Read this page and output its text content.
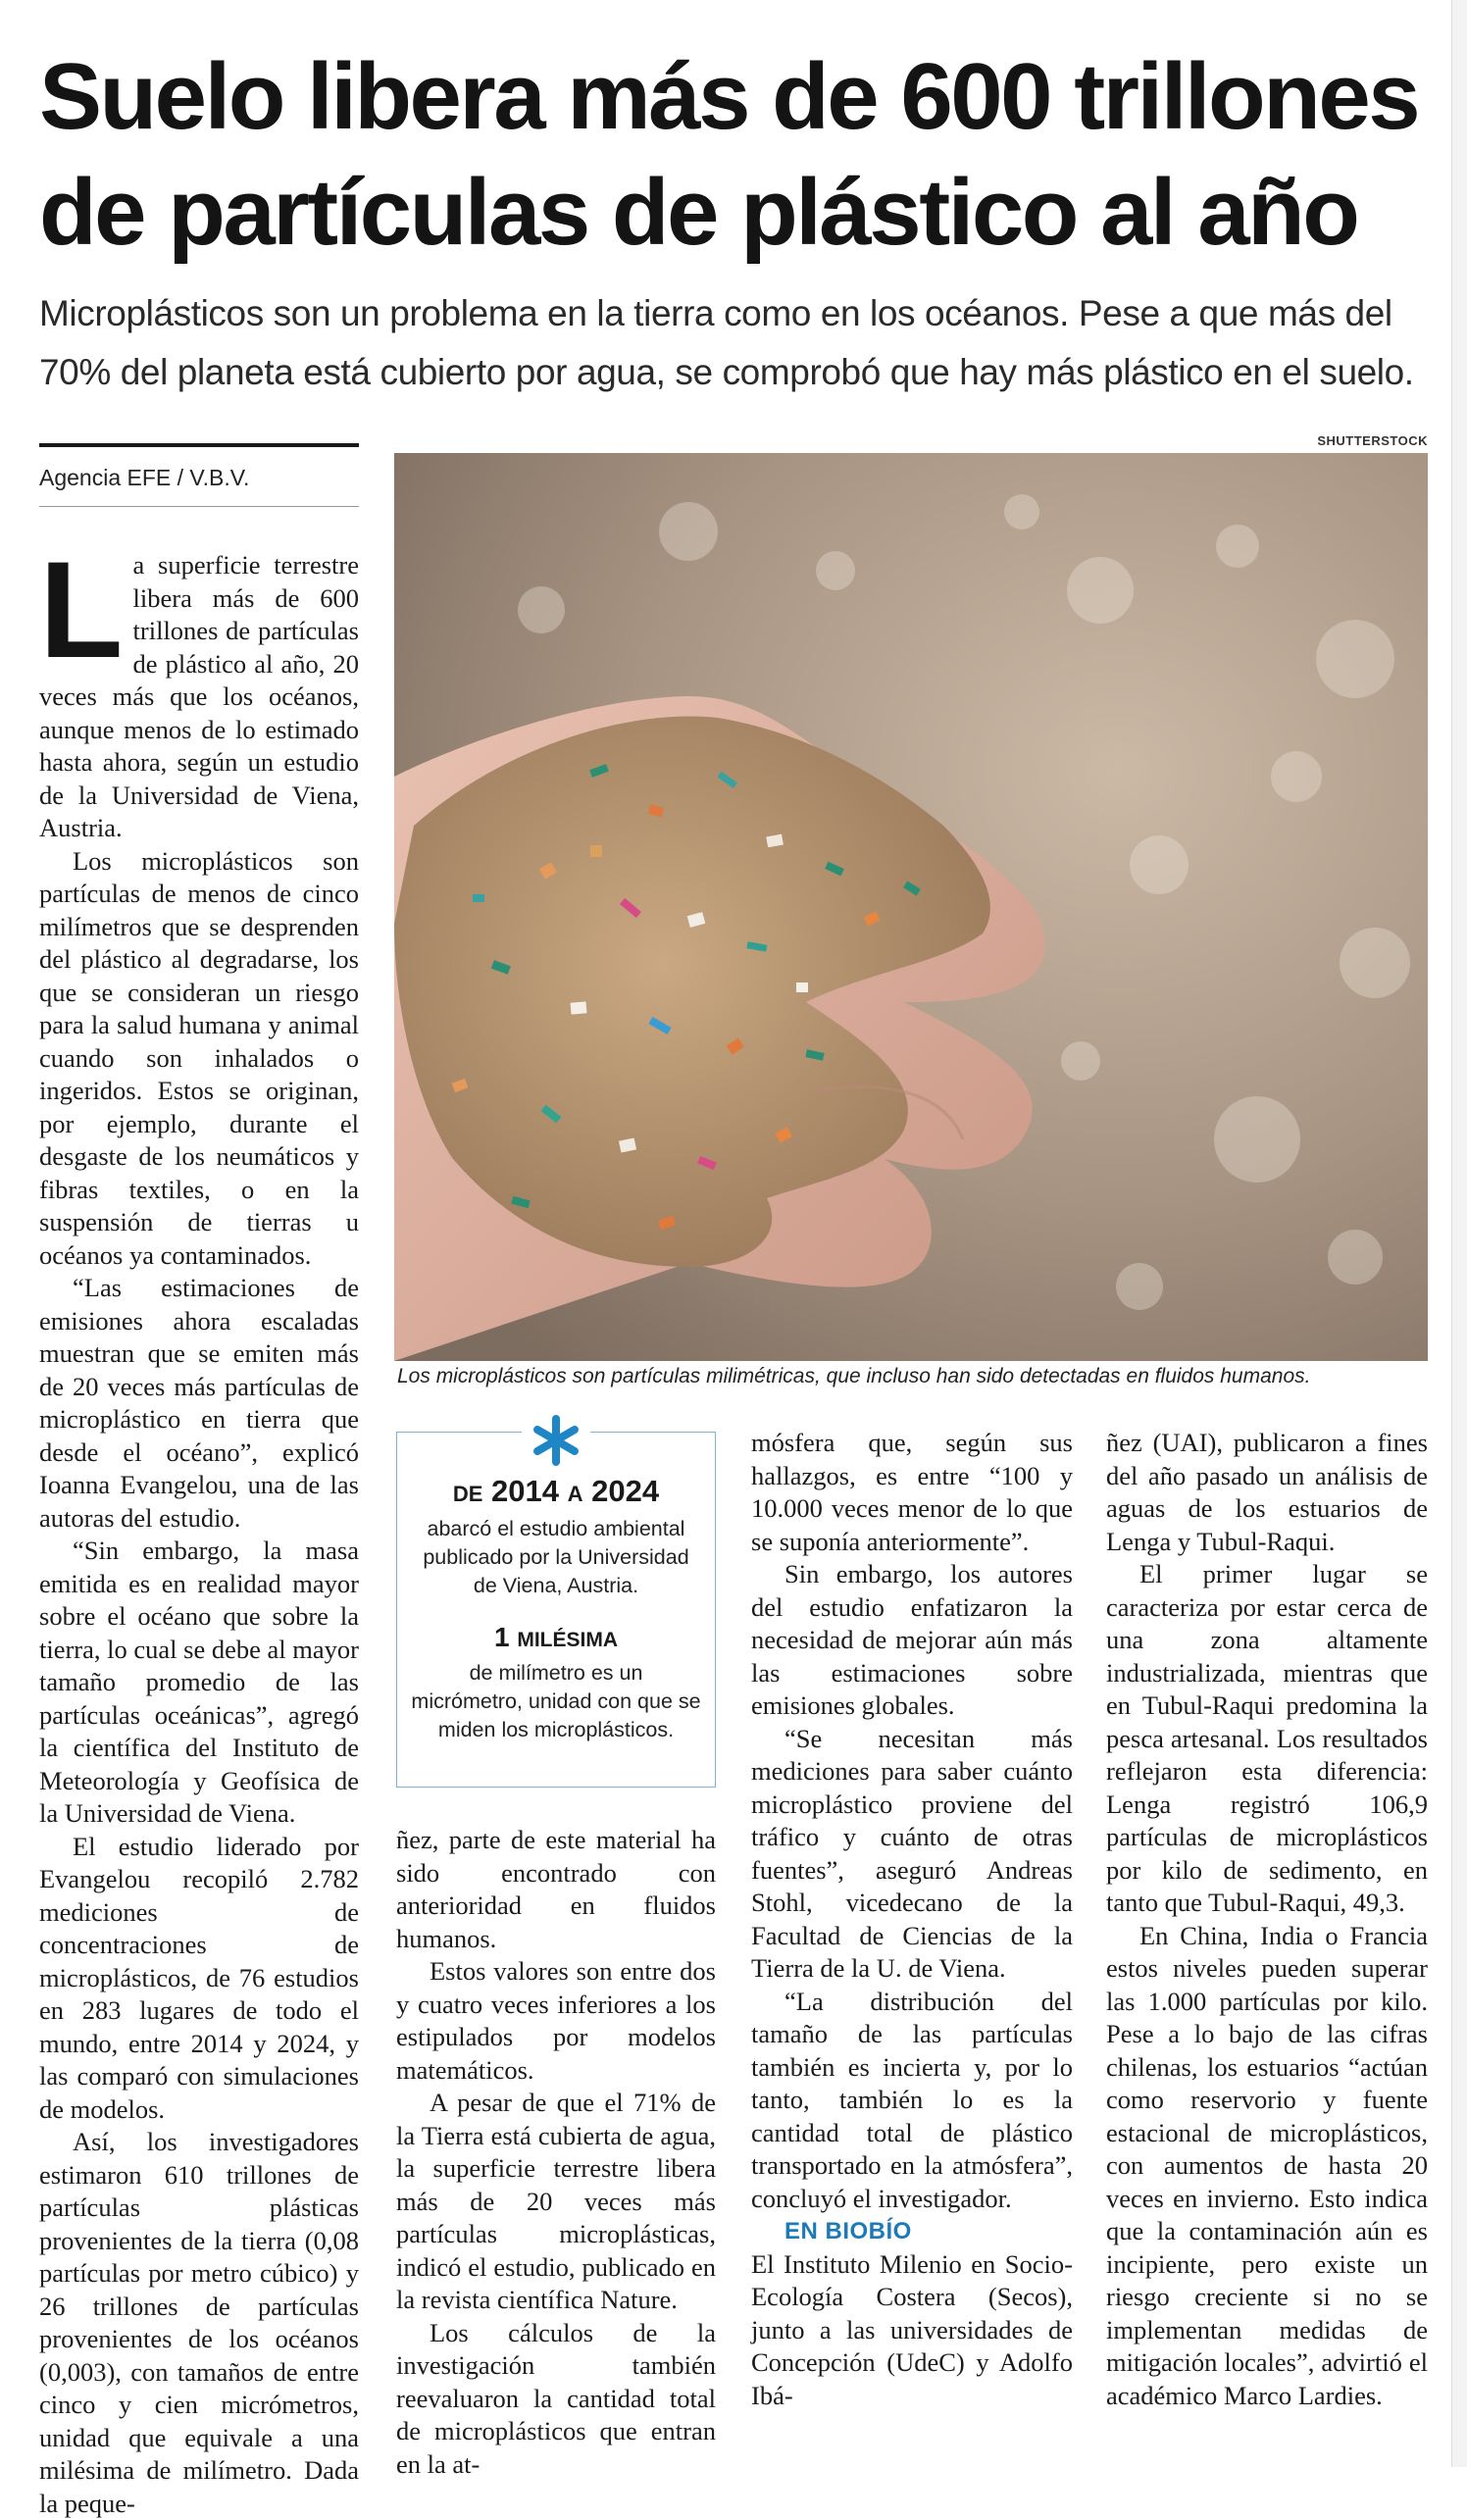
Suelo libera más de 600 trillones de partículas de plástico al año

Microplásticos son un problema en la tierra como en los océanos. Pese a que más del 70% del planeta está cubierto por agua, se comprobó que hay más plástico en el suelo.

Agencia EFE / V.B.V.
SHUTTERSTOCK
Los microplásticos son partículas milimétricas, que incluso han sido detectadas en fluidos humanos.
L a superficie terrestre libera más de 600 trillones de partículas de plástico al año, 20 veces más que los océanos, aunque menos de lo estimado hasta ahora, según un estudio de la Universidad de Viena, Austria.

Los microplásticos son partículas de menos de cinco milímetros que se desprenden del plástico al degradarse, los que se consideran un riesgo para la salud humana y animal cuando son inhalados o ingeridos. Estos se originan, por ejemplo, durante el desgaste de los neumáticos y fibras textiles, o en la suspensión de tierras u océanos ya contaminados.

“Las estimaciones de emisiones ahora escaladas muestran que se emiten más de 20 veces más partículas de microplástico en tierra que desde el océano”, explicó Ioanna Evangelou, una de las autoras del estudio.

“Sin embargo, la masa emitida es en realidad mayor sobre el océano que sobre la tierra, lo cual se debe al mayor tamaño promedio de las partículas oceánicas”, agregó la científica del Instituto de Meteorología y Geofísica de la Universidad de Viena.

El estudio liderado por Evangelou recopiló 2.782 mediciones de concentraciones de microplásticos, de 76 estudios en 283 lugares de todo el mundo, entre 2014 y 2024, y las comparó con simulaciones de modelos.

Así, los investigadores estimaron 610 trillones de partículas plásticas provenientes de la tierra (0,08 partículas por metro cúbico) y 26 trillones de partículas provenientes de los océanos (0,003), con tamaños de entre cinco y cien micrómetros, unidad que equivale a una milésima de milímetro. Dada la peque-

DE 2014 A 2024
abarcó el estudio ambiental publicado por la Universidad de Viena, Austria.
1 MILÉSIMA
de milímetro es un micrómetro, unidad con que se miden los microplásticos.

ñez, parte de este material ha sido encontrado con anterioridad en fluidos humanos.

Estos valores son entre dos y cuatro veces inferiores a los estipulados por modelos matemáticos.

A pesar de que el 71% de la Tierra está cubierta de agua, la superficie terrestre libera más de 20 veces más partículas microplásticas, indicó el estudio, publicado en la revista científica Nature.

Los cálculos de la investigación también reevaluaron la cantidad total de microplásticos que entran en la at-

mósfera que, según sus hallazgos, es entre “100 y 10.000 veces menor de lo que se suponía anteriormente”.

Sin embargo, los autores del estudio enfatizaron la necesidad de mejorar aún más las estimaciones sobre emisiones globales.

“Se necesitan más mediciones para saber cuánto microplástico proviene del tráfico y cuánto de otras fuentes”, aseguró Andreas Stohl, vicedecano de la Facultad de Ciencias de la Tierra de la U. de Viena.

“La distribución del tamaño de las partículas también es incierta y, por lo tanto, también lo es la cantidad total de plástico transportado en la atmósfera”, concluyó el investigador.

EN BIOBÍO

El Instituto Milenio en Socio-Ecología Costera (Secos), junto a las universidades de Concepción (UdeC) y Adolfo Ibá-

ñez (UAI), publicaron a fines del año pasado un análisis de aguas de los estuarios de Lenga y Tubul-Raqui.

El primer lugar se caracteriza por estar cerca de una zona altamente industrializada, mientras que en Tubul-Raqui predomina la pesca artesanal. Los resultados reflejaron esta diferencia: Lenga registró 106,9 partículas de microplásticos por kilo de sedimento, en tanto que Tubul-Raqui, 49,3.

En China, India o Francia estos niveles pueden superar las 1.000 partículas por kilo. Pese a lo bajo de las cifras chilenas, los estuarios “actúan como reservorio y fuente estacional de microplásticos, con aumentos de hasta 20 veces en invierno. Esto indica que la contaminación aún es incipiente, pero existe un riesgo creciente si no se implementan medidas de mitigación locales”, advirtió el académico Marco Lardies.
